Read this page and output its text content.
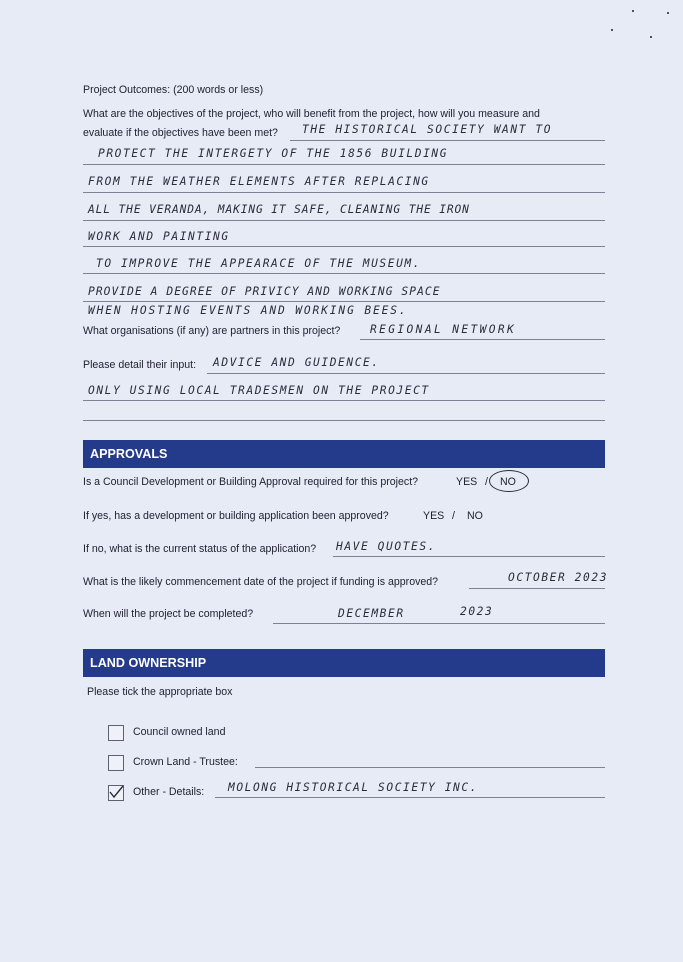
Project Outcomes: (200 words or less)
What are the objectives of the project, who will benefit from the project, how will you measure and
evaluate if the objectives have been met? THE HISTORICAL SOCIETY WANT TO
PROTECT THE INTERGETY OF THE 1856 BUILDING
FROM THE WEATHER ELEMENTS AFTER REPLACING
ALL THE VERANDA, MAKING IT SAFE, CLEANING THE IRON
WORK AND PAINTING
TO IMPROVE THE APPEARACE OF THE MUSEUM.
PROVIDE A DEGREE OF PRIVICY AND WORKING SPACE
WHEN HOSTING EVENTS AND WORKING BEES.
What organisations (if any) are partners in this project?	REGIONAL NETWORK
Please detail their input: ADVICE AND GUIDENCE.
ONLY USING LOCAL TRADESMEN ON THE PROJECT
APPROVALS
Is a Council Development or Building Approval required for this project?	YES / NO
If yes, has a development or building application been approved?	YES / NO
If no, what is the current status of the application? HAVE QUOTES.
What is the likely commencement date of the project if funding is approved?	OCTOBER 2023
When will the project be completed?	DECEMBER	2023
LAND OWNERSHIP
Please tick the appropriate box
Council owned land
Crown Land - Trustee:
Other - Details: MOLONG HISTORICAL SOCIETY INC.
